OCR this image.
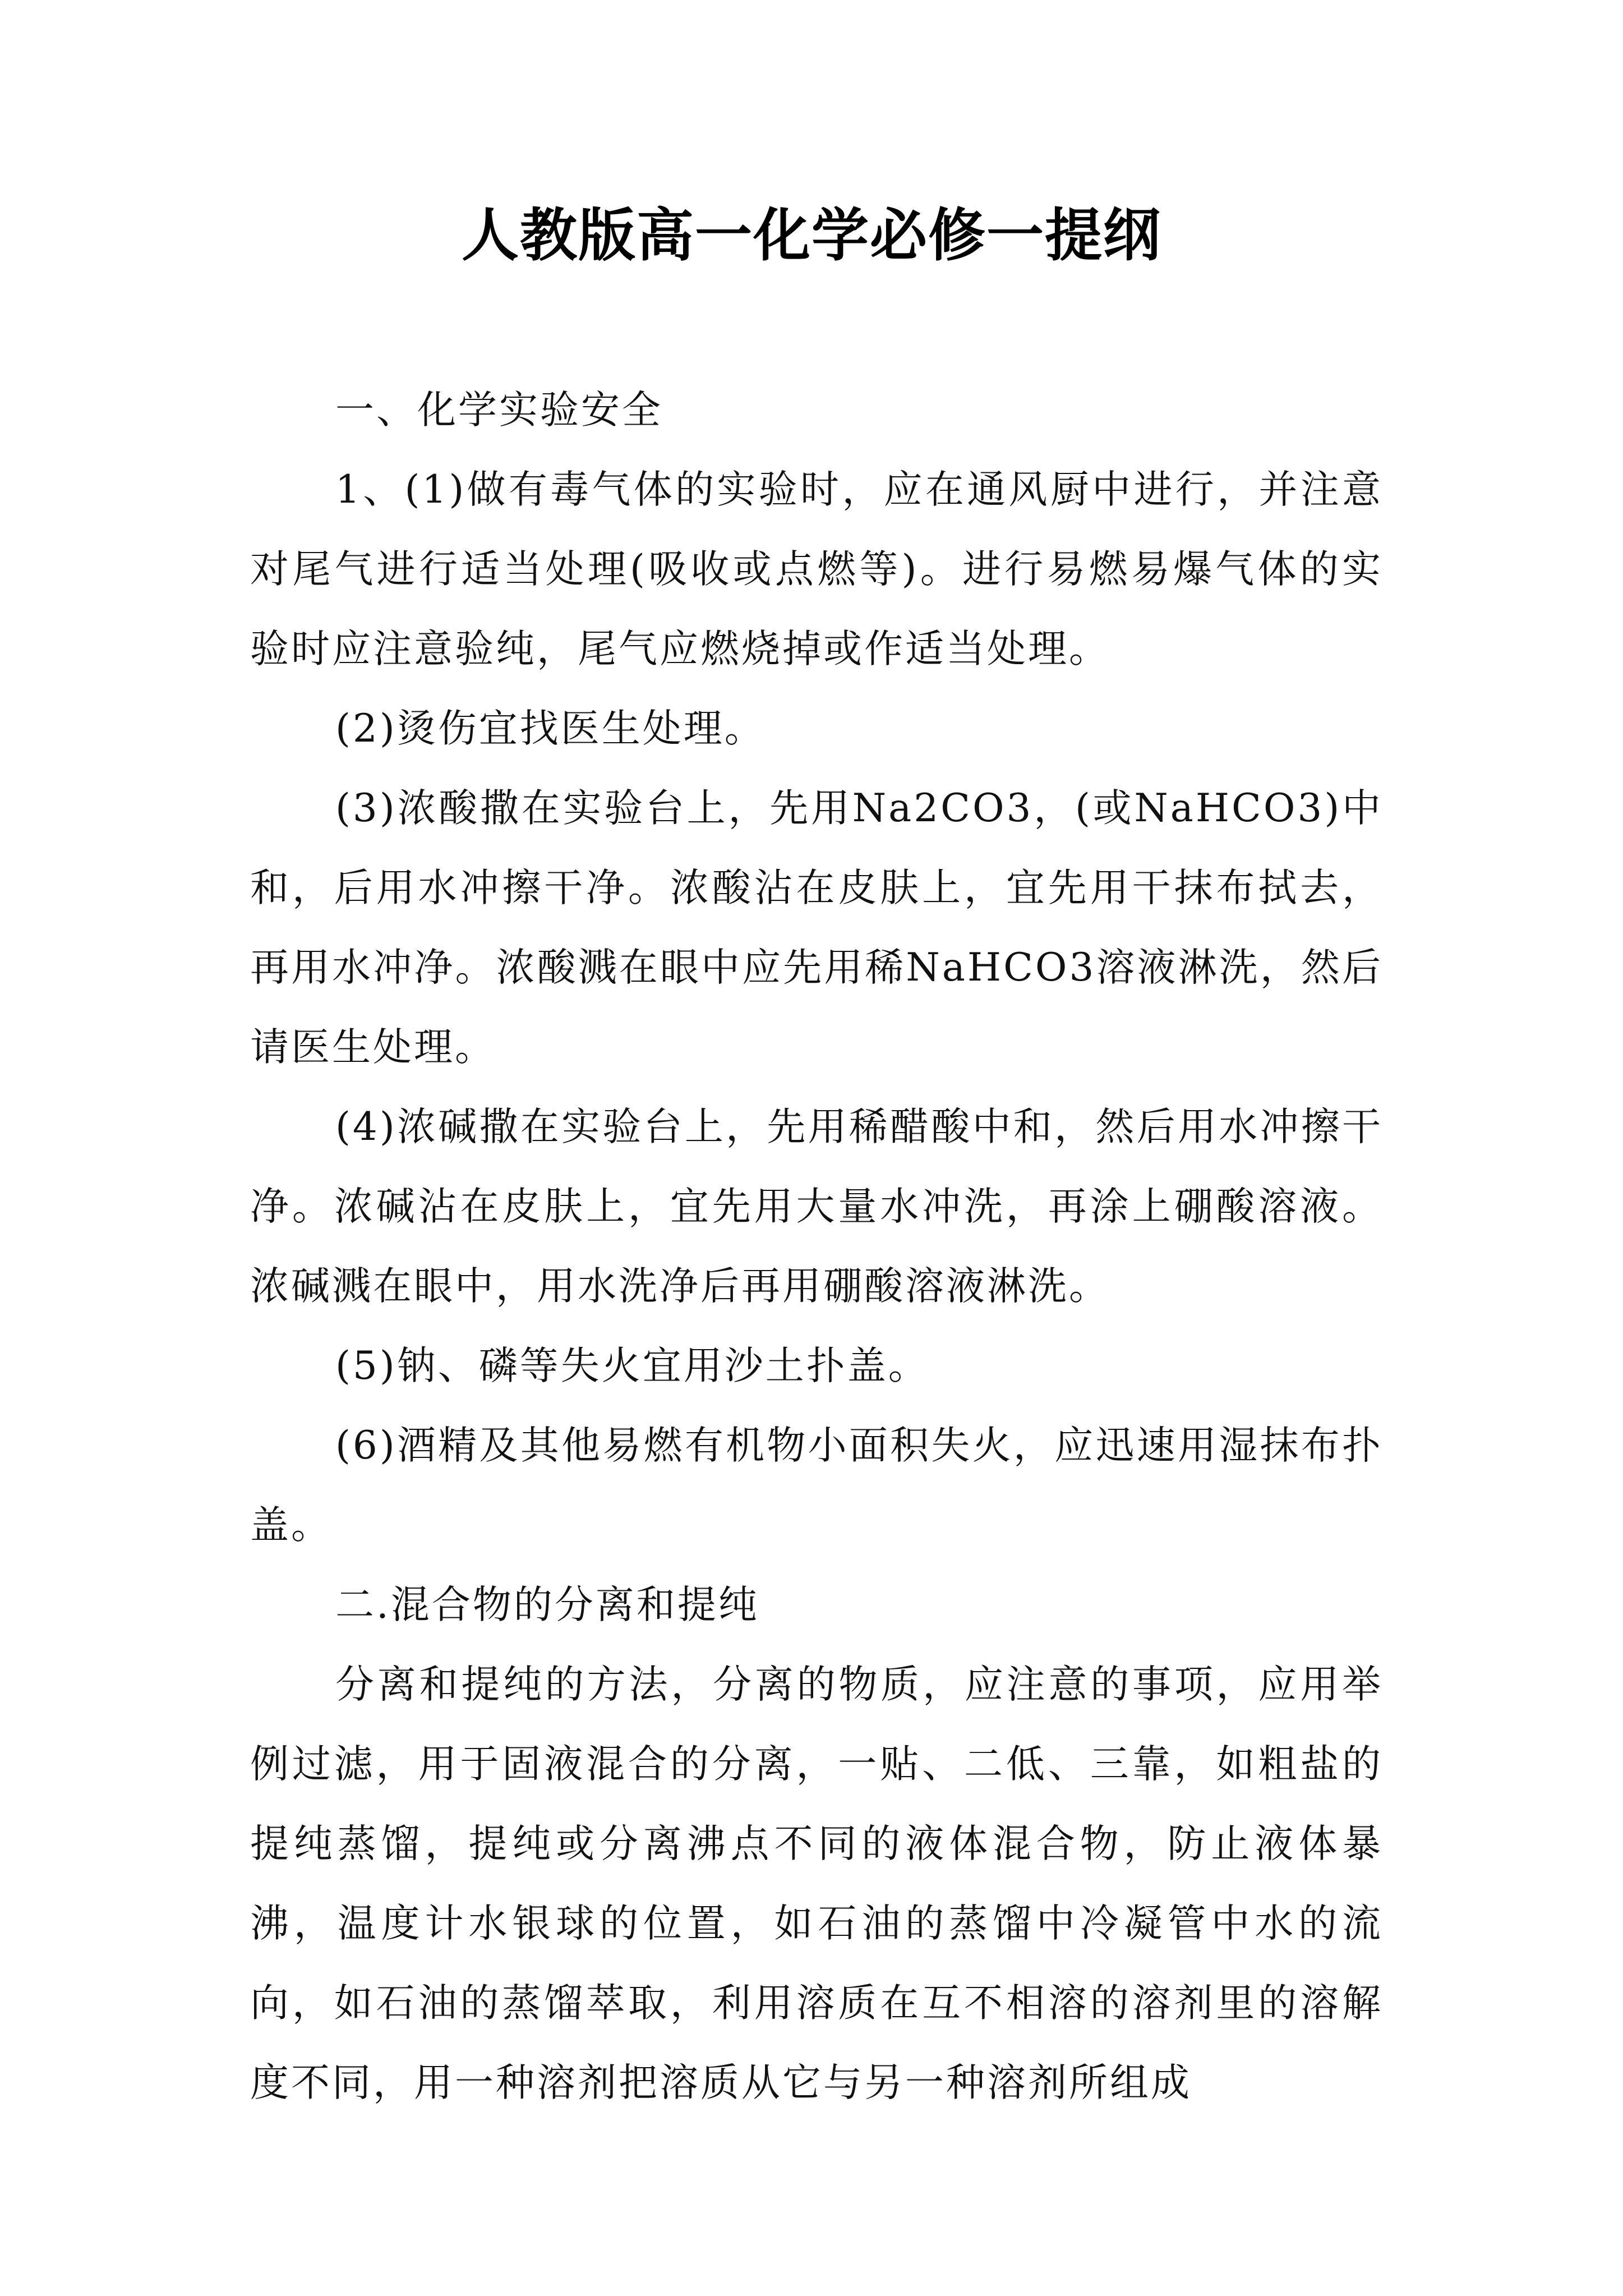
人教版高一化学必修一提纲

一、化学实验安全

1、(1)做有毒气体的实验时，应在通风厨中进行，并注意对尾气进行适当处理(吸收或点燃等)。进行易燃易爆气体的实验时应注意验纯，尾气应燃烧掉或作适当处理。

(2)烫伤宜找医生处理。

(3)浓酸撒在实验台上，先用Na2CO3，(或NaHCO3)中和，后用水冲擦干净。浓酸沾在皮肤上，宜先用干抹布拭去，再用水冲净。浓酸溅在眼中应先用稀NaHCO3溶液淋洗，然后请医生处理。

(4)浓碱撒在实验台上，先用稀醋酸中和，然后用水冲擦干净。浓碱沾在皮肤上，宜先用大量水冲洗，再涂上硼酸溶液。浓碱溅在眼中，用水洗净后再用硼酸溶液淋洗。

(5)钠、磷等失火宜用沙土扑盖。

(6)酒精及其他易燃有机物小面积失火，应迅速用湿抹布扑盖。

二.混合物的分离和提纯

分离和提纯的方法，分离的物质，应注意的事项，应用举例过滤，用于固液混合的分离，一贴、二低、三靠，如粗盐的提纯蒸馏，提纯或分离沸点不同的液体混合物，防止液体暴沸，温度计水银球的位置，如石油的蒸馏中冷凝管中水的流向，如石油的蒸馏萃取，利用溶质在互不相溶的溶剂里的溶解度不同，用一种溶剂把溶质从它与另一种溶剂所组成
